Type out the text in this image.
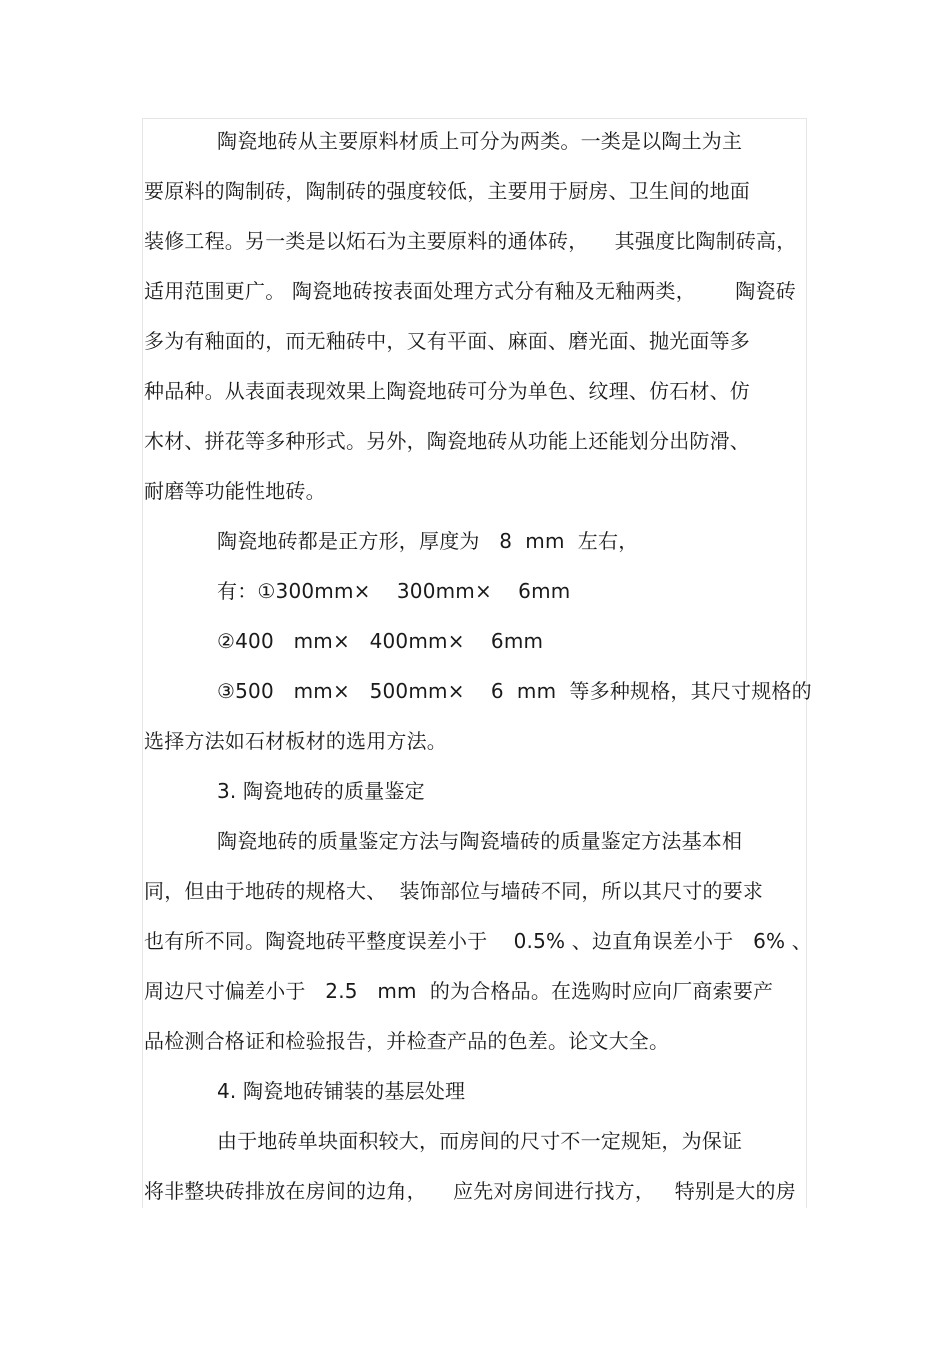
陶瓷地砖从主要原料材质上可分为两类。一类是以陶土为主
要原料的陶制砖，陶制砖的强度较低，主要用于厨房、卫生间的地面
装修工程。另一类是以炻石为主要原料的通体砖，    其强度比陶制砖高，
适用范围更广。 陶瓷地砖按表面处理方式分有釉及无釉两类，      陶瓷砖
多为有釉面的，而无釉砖中，又有平面、麻面、磨光面、抛光面等多
种品种。从表面表现效果上陶瓷地砖可分为单色、纹理、仿石材、仿
木材、拼花等多种形式。另外，陶瓷地砖从功能上还能划分出防滑、
耐磨等功能性地砖。
陶瓷地砖都是正方形，厚度为   8  mm  左右，
有：①300mm×    300mm×    6mm
②400   mm×   400mm×    6mm
③500   mm×   500mm×    6  mm  等多种规格，其尺寸规格的
选择方法如石材板材的选用方法。
3. 陶瓷地砖的质量鉴定
陶瓷地砖的质量鉴定方法与陶瓷墙砖的质量鉴定方法基本相
同，但由于地砖的规格大、  装饰部位与墙砖不同，所以其尺寸的要求
也有所不同。陶瓷地砖平整度误差小于    0.5% 、边直角误差小于   6% 、
周边尺寸偏差小于   2.5   mm  的为合格品。在选购时应向厂商索要产
品检测合格证和检验报告，并检查产品的色差。论文大全。
4. 陶瓷地砖铺装的基层处理
由于地砖单块面积较大，而房间的尺寸不一定规矩，为保证
将非整块砖排放在房间的边角，    应先对房间进行找方，   特别是大的房
